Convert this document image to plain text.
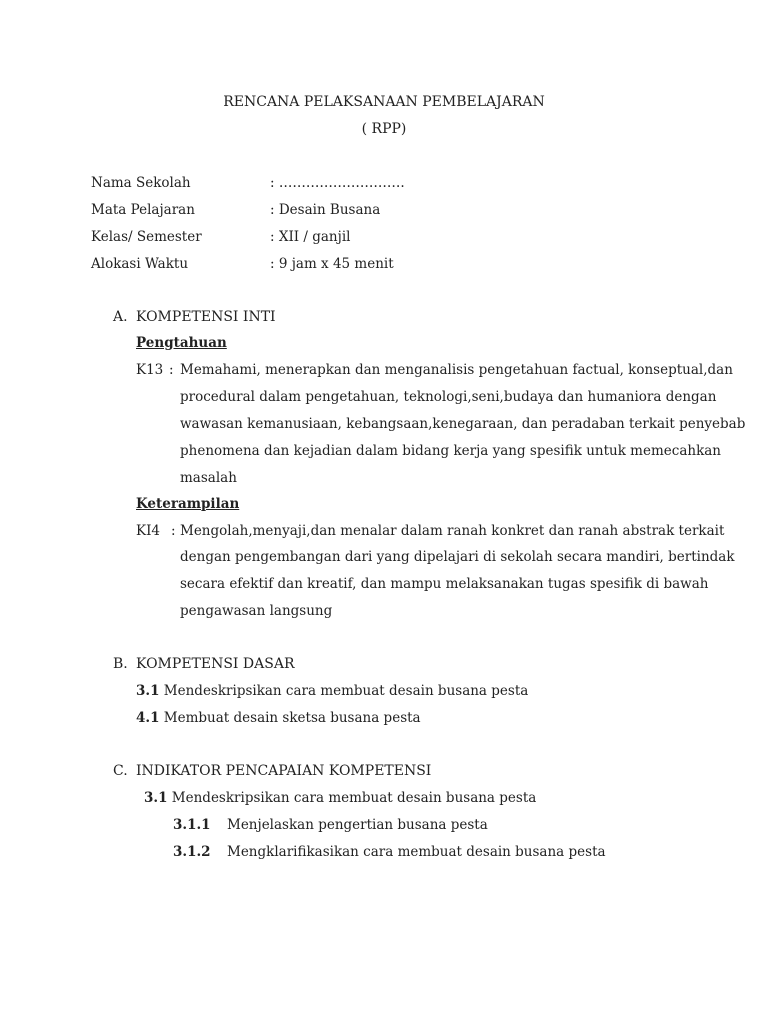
RENCANA PELAKSANAAN PEMBELAJARAN
( RPP)
Nama Sekolah	: ……………………….
Mata Pelajaran	: Desain Busana
Kelas/ Semester	: XII / ganjil
Alokasi Waktu	: 9 jam x 45 menit
A. KOMPETENSI INTI
Pengtahuan
K13 : Memahami, menerapkan dan menganalisis pengetahuan factual, konseptual,dan
procedural dalam pengetahuan, teknologi,seni,budaya dan humaniora dengan
wawasan kemanusiaan, kebangsaan,kenegaraan, dan peradaban terkait penyebab
phenomena dan kejadian dalam bidang kerja yang spesifik untuk memecahkan
masalah
Keterampilan
KI4 : Mengolah,menyaji,dan menalar dalam ranah konkret dan ranah abstrak terkait
dengan pengembangan dari yang dipelajari di sekolah secara mandiri, bertindak
secara efektif dan kreatif, dan mampu melaksanakan tugas spesifik di bawah
pengawasan langsung
B. KOMPETENSI DASAR
3.1 Mendeskripsikan cara membuat desain busana pesta
4.1 Membuat desain sketsa busana pesta
C. INDIKATOR PENCAPAIAN KOMPETENSI
3.1 Mendeskripsikan cara membuat desain busana pesta
3.1.1 Menjelaskan pengertian busana pesta
3.1.2 Mengklarifikasikan cara membuat desain busana pesta
